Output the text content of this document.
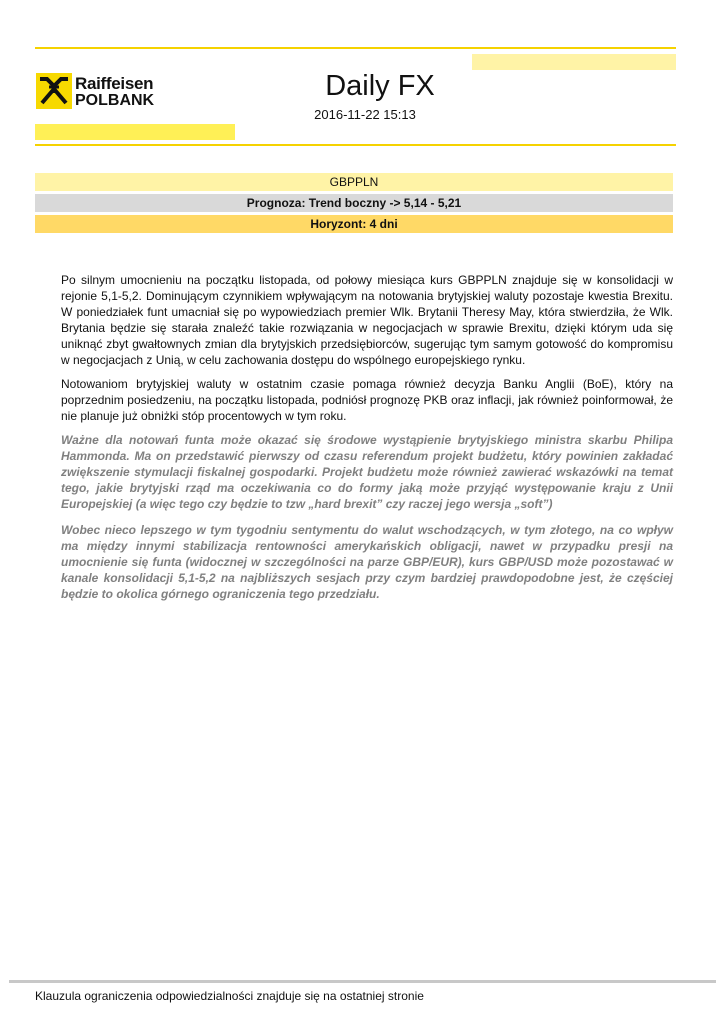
Raiffeisen
POLBANK	Daily FX
2016-11-22 15:13
GBPPLN
Prognoza: Trend boczny -> 5,14 - 5,21
Horyzont: 4 dni

Po silnym umocnieniu na początku listopada, od połowy miesiąca kurs GBPPLN znajduje się w konsolidacji w rejonie 5,1-5,2. Dominującym czynnikiem wpływającym na notowania brytyjskiej waluty pozostaje kwestia Brexitu. W poniedziałek funt umacniał się po wypowiedziach premier Wlk. Brytanii Theresy May, która stwierdziła, że Wlk. Brytania będzie się starała znaleźć takie rozwiązania w negocjacjach w sprawie Brexitu, dzięki którym uda się uniknąć zbyt gwałtownych zmian dla brytyjskich przedsiębiorców, sugerując tym samym gotowość do kompromisu w negocjacjach z Unią, w celu zachowania dostępu do wspólnego europejskiego rynku.

Notowaniom brytyjskiej waluty w ostatnim czasie pomaga również decyzja Banku Anglii (BoE), który na poprzednim posiedzeniu, na początku listopada, podniósł prognozę PKB oraz inflacji, jak również poinformował, że nie planuje już obniżki stóp procentowych w tym roku.

Ważne dla notowań funta może okazać się środowe wystąpienie brytyjskiego ministra skarbu Philipa Hammonda. Ma on przedstawić pierwszy od czasu referendum projekt budżetu, który powinien zakładać zwiększenie stymulacji fiskalnej gospodarki. Projekt budżetu może również zawierać wskazówki na temat tego, jakie brytyjski rząd ma oczekiwania co do formy jaką może przyjąć występowanie kraju z Unii Europejskiej (a więc tego czy będzie to tzw „hard brexit” czy raczej jego wersja „soft”)

Wobec nieco lepszego w tym tygodniu sentymentu do walut wschodzących, w tym złotego, na co wpływ ma między innymi stabilizacja rentowności amerykańskich obligacji, nawet w przypadku presji na umocnienie się funta (widocznej w szczególności na parze GBP/EUR), kurs GBP/USD może pozostawać w kanale konsolidacji 5,1-5,2 na najbliższych sesjach przy czym bardziej prawdopodobne jest, że częściej będzie to okolica górnego ograniczenia tego przedziału.

Klauzula ograniczenia odpowiedzialności znajduje się na ostatniej stronie
